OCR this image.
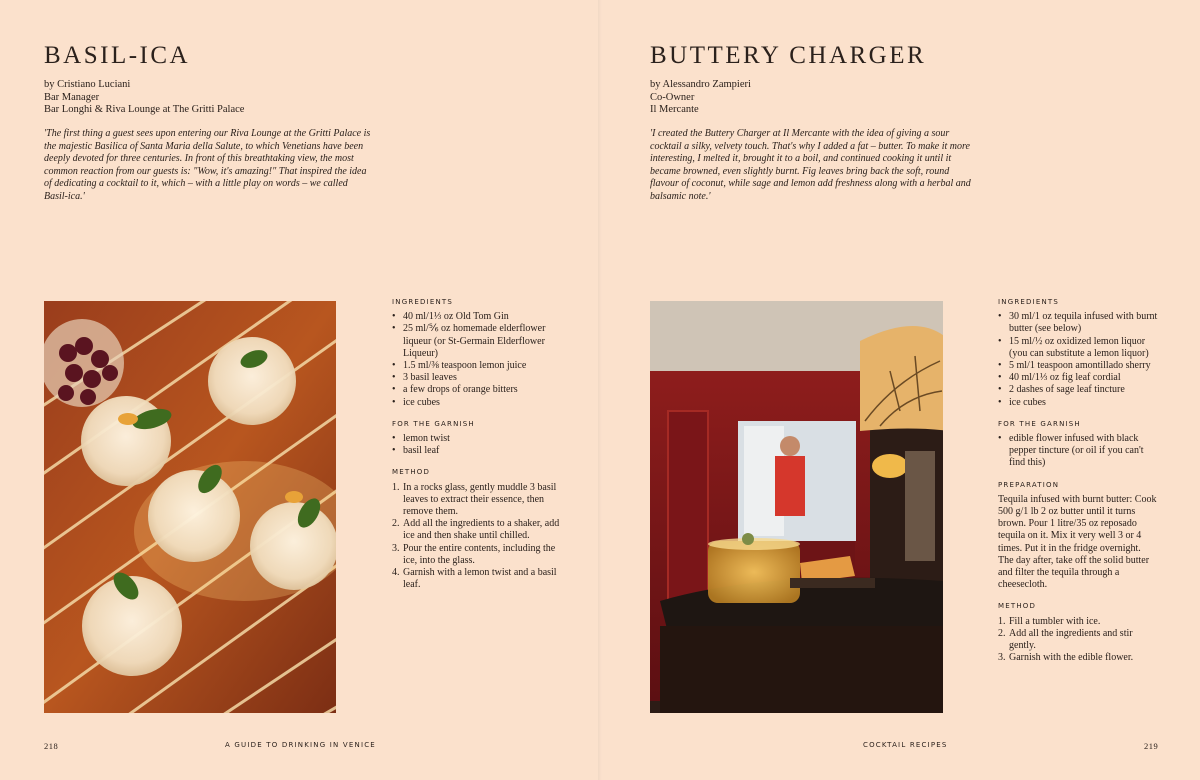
BASIL-ICA
by Cristiano Luciani
Bar Manager
Bar Longhi & Riva Lounge at The Gritti Palace
'The first thing a guest sees upon entering our Riva Lounge at the Gritti Palace is the majestic Basilica of Santa Maria della Salute, to which Venetians have been deeply devoted for three centuries. In front of this breathtaking view, the most common reaction from our guests is: "Wow, it's amazing!" That inspired the idea of dedicating a cocktail to it, which – with a little play on words – we called Basil-ica.'
INGREDIENTS
• 40 ml/1⅓ oz Old Tom Gin
• 25 ml/⅚ oz homemade elderflower liqueur (or St-Germain Elderflower Liqueur)
• 1.5 ml/⅜ teaspoon lemon juice
• 3 basil leaves
• a few drops of orange bitters
• ice cubes
FOR THE GARNISH
• lemon twist
• basil leaf
METHOD
1. In a rocks glass, gently muddle 3 basil leaves to extract their essence, then remove them.
2. Add all the ingredients to a shaker, add ice and then shake until chilled.
3. Pour the entire contents, including the ice, into the glass.
4. Garnish with a lemon twist and a basil leaf.
218	A GUIDE TO DRINKING IN VENICE
BUTTERY CHARGER
by Alessandro Zampieri
Co-Owner
Il Mercante
'I created the Buttery Charger at Il Mercante with the idea of giving a sour cocktail a silky, velvety touch. That's why I added a fat – butter. To make it more interesting, I melted it, brought it to a boil, and continued cooking it until it became browned, even slightly burnt. Fig leaves bring back the soft, round flavour of coconut, while sage and lemon add freshness along with a herbal and balsamic note.'
INGREDIENTS
• 30 ml/1 oz tequila infused with burnt butter (see below)
• 15 ml/½ oz oxidized lemon liquor (you can substitute a lemon liquor)
• 5 ml/1 teaspoon amontillado sherry
• 40 ml/1⅓ oz fig leaf cordial
• 2 dashes of sage leaf tincture
• ice cubes
FOR THE GARNISH
• edible flower infused with black pepper tincture (or oil if you can't find this)
PREPARATION

Tequila infused with burnt butter: Cook 500 g/1 lb 2 oz butter until it turns brown. Pour 1 litre/35 oz reposado tequila on it. Mix it very well 3 or 4 times. Put it in the fridge overnight. The day after, take off the solid butter and filter the tequila through a cheesecloth.

METHOD
1. Fill a tumbler with ice.
2. Add all the ingredients and stir gently.
3. Garnish with the edible flower.
COCKTAIL RECIPES	219
